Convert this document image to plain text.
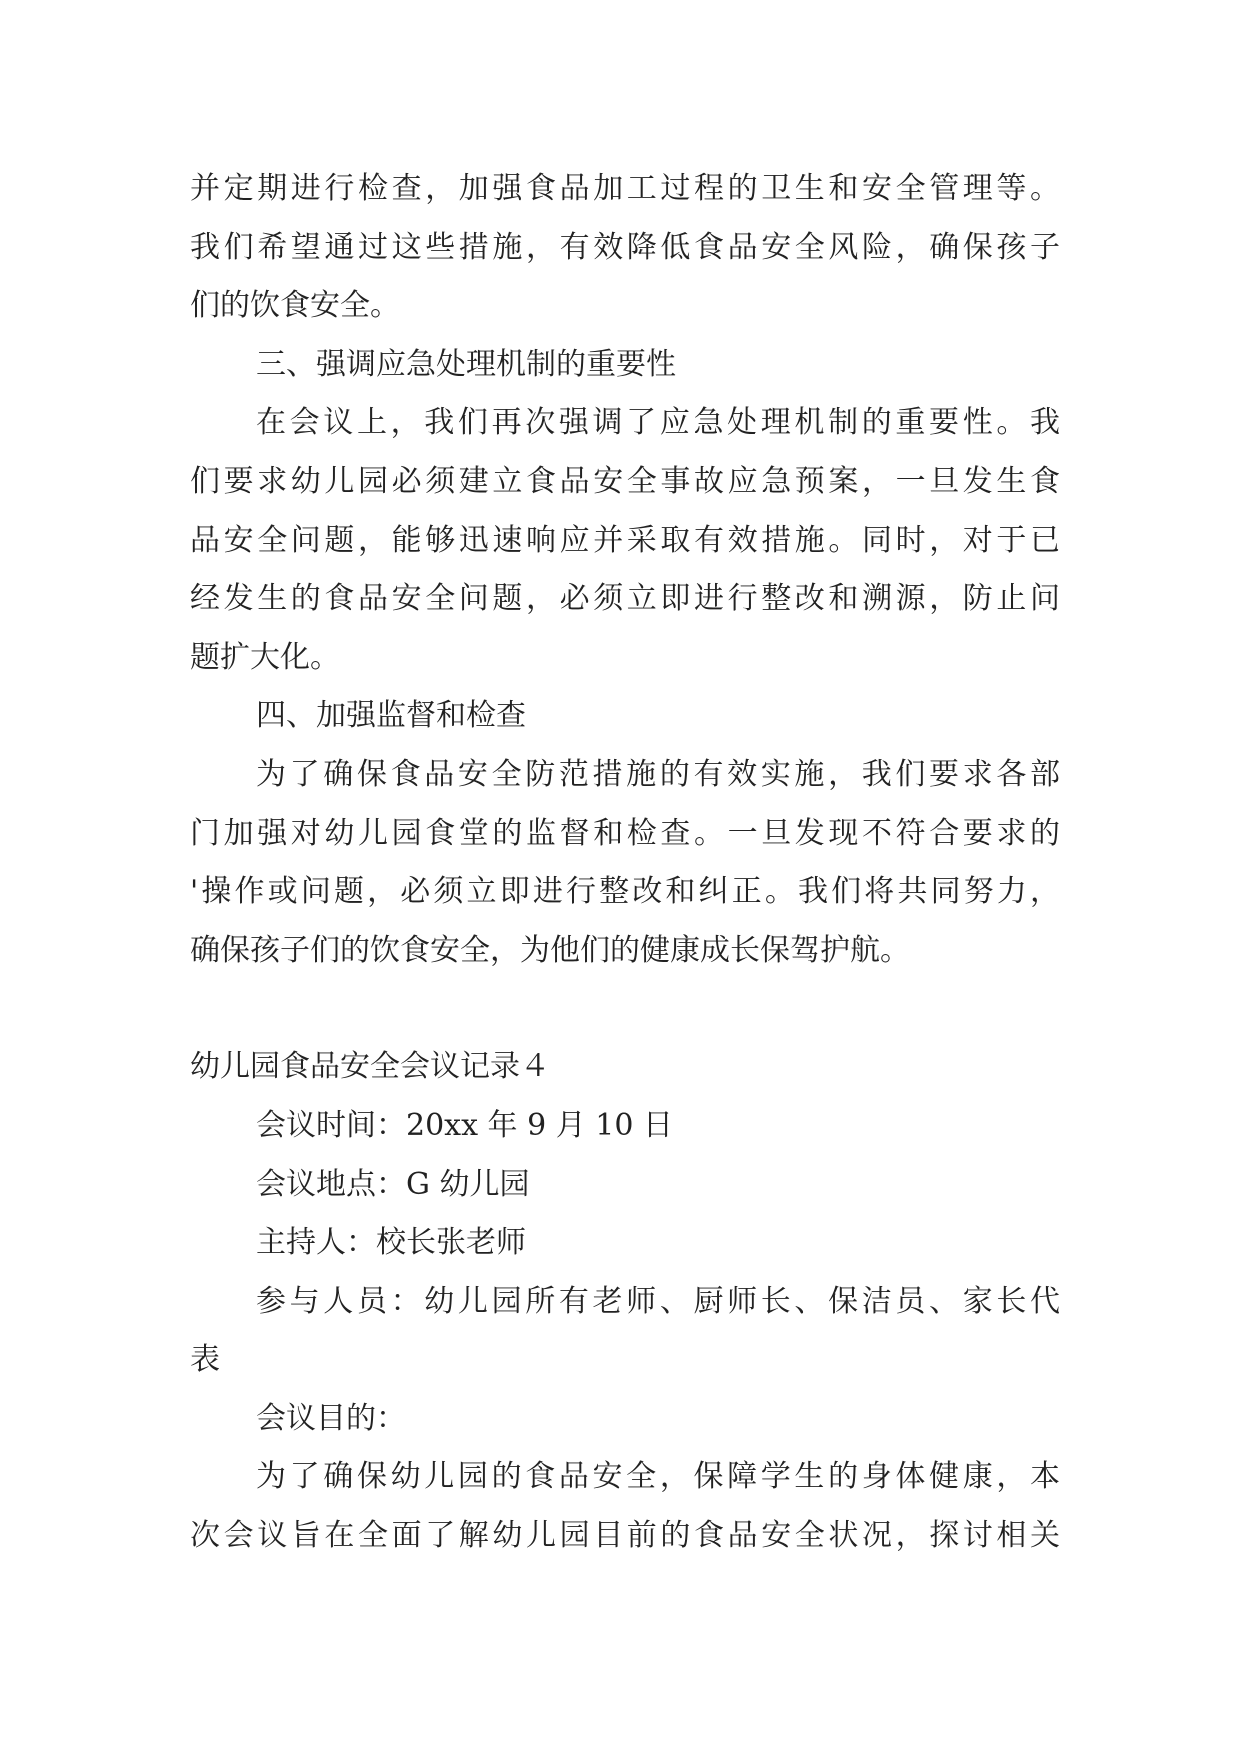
并定期进行检查，加强食品加工过程的卫生和安全管理等。
我们希望通过这些措施，有效降低食品安全风险，确保孩子
们的饮食安全。
三、强调应急处理机制的重要性
在会议上，我们再次强调了应急处理机制的重要性。我
们要求幼儿园必须建立食品安全事故应急预案，一旦发生食
品安全问题，能够迅速响应并采取有效措施。同时，对于已
经发生的食品安全问题，必须立即进行整改和溯源，防止问
题扩大化。
四、加强监督和检查
为了确保食品安全防范措施的有效实施，我们要求各部
门加强对幼儿园食堂的监督和检查。一旦发现不符合要求的
'操作或问题，必须立即进行整改和纠正。我们将共同努力，
确保孩子们的饮食安全，为他们的健康成长保驾护航。
幼儿园食品安全会议记录４
会议时间：20xx 年 9 月 10 日
会议地点：G 幼儿园
主持人：校长张老师
参与人员：幼儿园所有老师、厨师长、保洁员、家长代
表
会议目的：
为了确保幼儿园的食品安全，保障学生的身体健康，本
次会议旨在全面了解幼儿园目前的食品安全状况，探讨相关
